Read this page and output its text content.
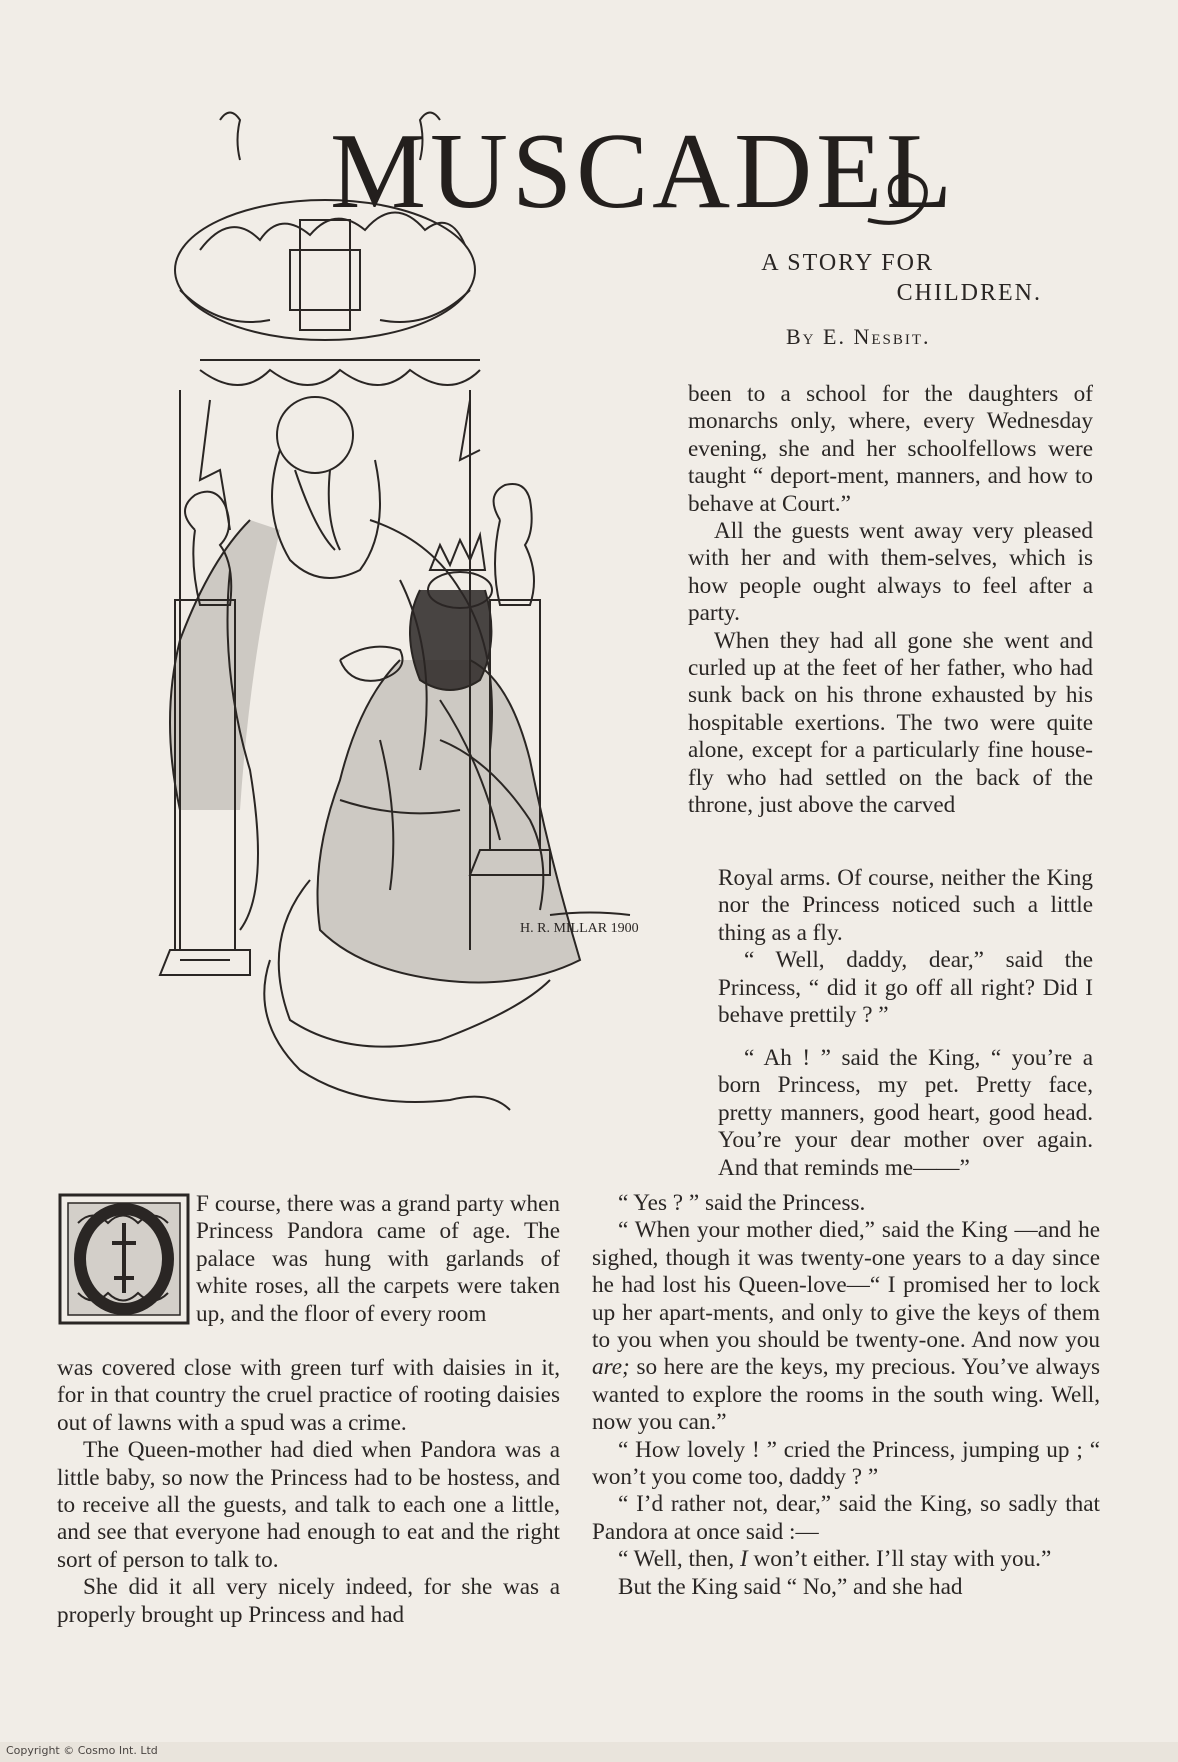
H. R. MILLAR 1900
MUSCADEL
A STORY FOR
CHILDREN.
By E. Nesbit.

been to a school for the daughters of monarchs only, where, every Wednesday evening, she and her schoolfellows were taught “ deport-ment, manners, and how to behave at Court.”

All the guests went away very pleased with her and with them-selves, which is how people ought always to feel after a party.

When they had all gone she went and curled up at the feet of her father, who had sunk back on his throne exhausted by his hospitable exertions. The two were quite alone, except for a particularly fine house-fly who had settled on the back of the throne, just above the carved

Royal arms. Of course, neither the King nor the Princess noticed such a little thing as a fly.

“ Well, daddy, dear,” said the Princess, “ did it go off all right? Did I behave prettily ? ”

“ Ah ! ” said the King, “ you’re a born Princess, my pet. Pretty face, pretty manners, good heart, good head. You’re your dear mother over again. And that reminds me——”

“ Yes ? ” said the Princess.

“ When your mother died,” said the King —and he sighed, though it was twenty-one years to a day since he had lost his Queen-love—“ I promised her to lock up her apart-ments, and only to give the keys of them to you when you should be twenty-one. And now you are; so here are the keys, my precious. You’ve always wanted to explore the rooms in the south wing. Well, now you can.”

“ How lovely ! ” cried the Princess, jumping up ; “ won’t you come too, daddy ? ”

“ I’d rather not, dear,” said the King, so sadly that Pandora at once said :—

“ Well, then, I won’t either. I’ll stay with you.”

But the King said “ No,” and she had

F course, there was a grand party when Princess Pandora came of age. The palace was hung with garlands of white roses, all the carpets were taken up, and the floor of every room

was covered close with green turf with daisies in it, for in that country the cruel practice of rooting daisies out of lawns with a spud was a crime.

The Queen-mother had died when Pandora was a little baby, so now the Princess had to be hostess, and to receive all the guests, and talk to each one a little, and see that everyone had enough to eat and the right sort of person to talk to.

She did it all very nicely indeed, for she was a properly brought up Princess and had

Copyright © Cosmo Int. Ltd
